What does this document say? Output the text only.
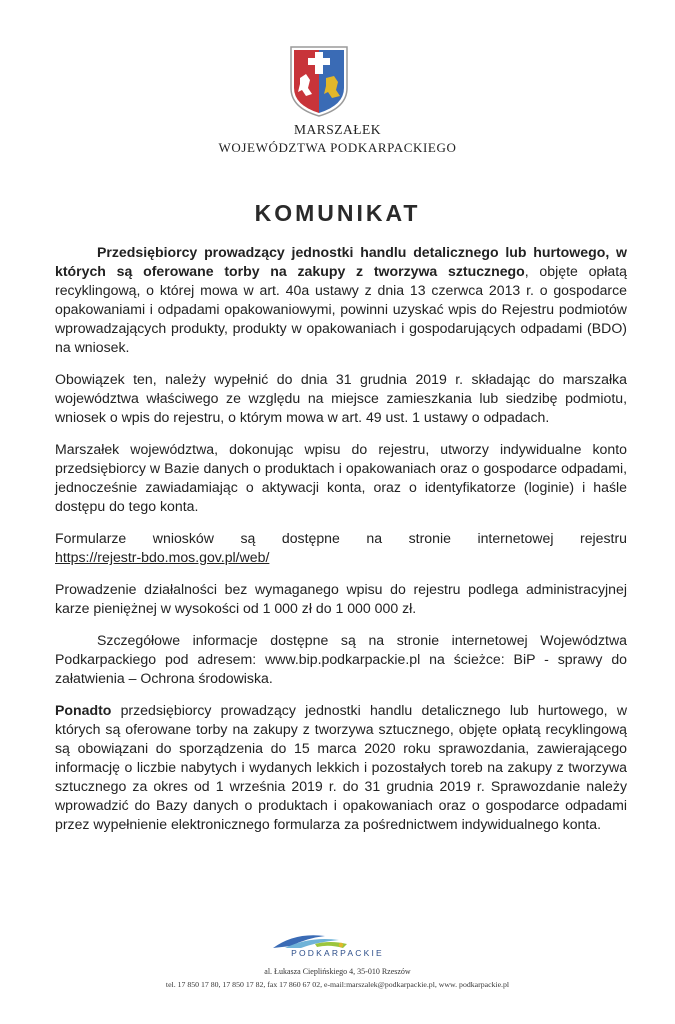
MARSZAŁEK
WOJEWÓDZTWA PODKARPACKIEGO
KOMUNIKAT

Przedsiębiorcy prowadzący jednostki handlu detalicznego lub hurtowego, w których są oferowane torby na zakupy z tworzywa sztucznego, objęte opłatą recyklingową, o której mowa w art. 40a ustawy z dnia 13 czerwca 2013 r. o gospodarce opakowaniami i odpadami opakowaniowymi, powinni uzyskać wpis do Rejestru podmiotów wprowadzających produkty, produkty w opakowaniach i gospodarujących odpadami (BDO) na wniosek.

Obowiązek ten, należy wypełnić do dnia 31 grudnia 2019 r. składając do marszałka województwa właściwego ze względu na miejsce zamieszkania lub siedzibę podmiotu, wniosek o wpis do rejestru, o którym mowa w art. 49 ust. 1 ustawy o odpadach.

Marszałek województwa, dokonując wpisu do rejestru, utworzy indywidualne konto przedsiębiorcy w Bazie danych o produktach i opakowaniach oraz o gospodarce odpadami, jednocześnie zawiadamiając o aktywacji konta, oraz o identyfikatorze (loginie) i haśle dostępu do tego konta.

Formularze wniosków są dostępne na stronie internetowej rejestru
https://rejestr-bdo.mos.gov.pl/web/

Prowadzenie działalności bez wymaganego wpisu do rejestru podlega administracyjnej karze pieniężnej w wysokości od 1 000 zł do 1 000 000 zł.

Szczegółowe informacje dostępne są na stronie internetowej Województwa Podkarpackiego pod adresem: www.bip.podkarpackie.pl na ścieżce: BiP - sprawy do załatwienia – Ochrona środowiska.

Ponadto przedsiębiorcy prowadzący jednostki handlu detalicznego lub hurtowego, w których są oferowane torby na zakupy z tworzywa sztucznego, objęte opłatą recyklingową są obowiązani do sporządzenia do 15 marca 2020 roku sprawozdania, zawierającego informację o liczbie nabytych i wydanych lekkich i pozostałych toreb na zakupy z tworzywa sztucznego za okres od 1 września 2019 r. do 31 grudnia 2019 r. Sprawozdanie należy wprowadzić do Bazy danych o produktach i opakowaniach oraz o gospodarce odpadami przez wypełnienie elektronicznego formularza za pośrednictwem indywidualnego konta.

PODKARPACKIE
al. Łukasza Cieplińskiego 4, 35-010 Rzeszów
tel. 17 850 17 80, 17 850 17 82, fax 17 860 67 02, e-mail:marszalek@podkarpackie.pl, www. podkarpackie.pl
